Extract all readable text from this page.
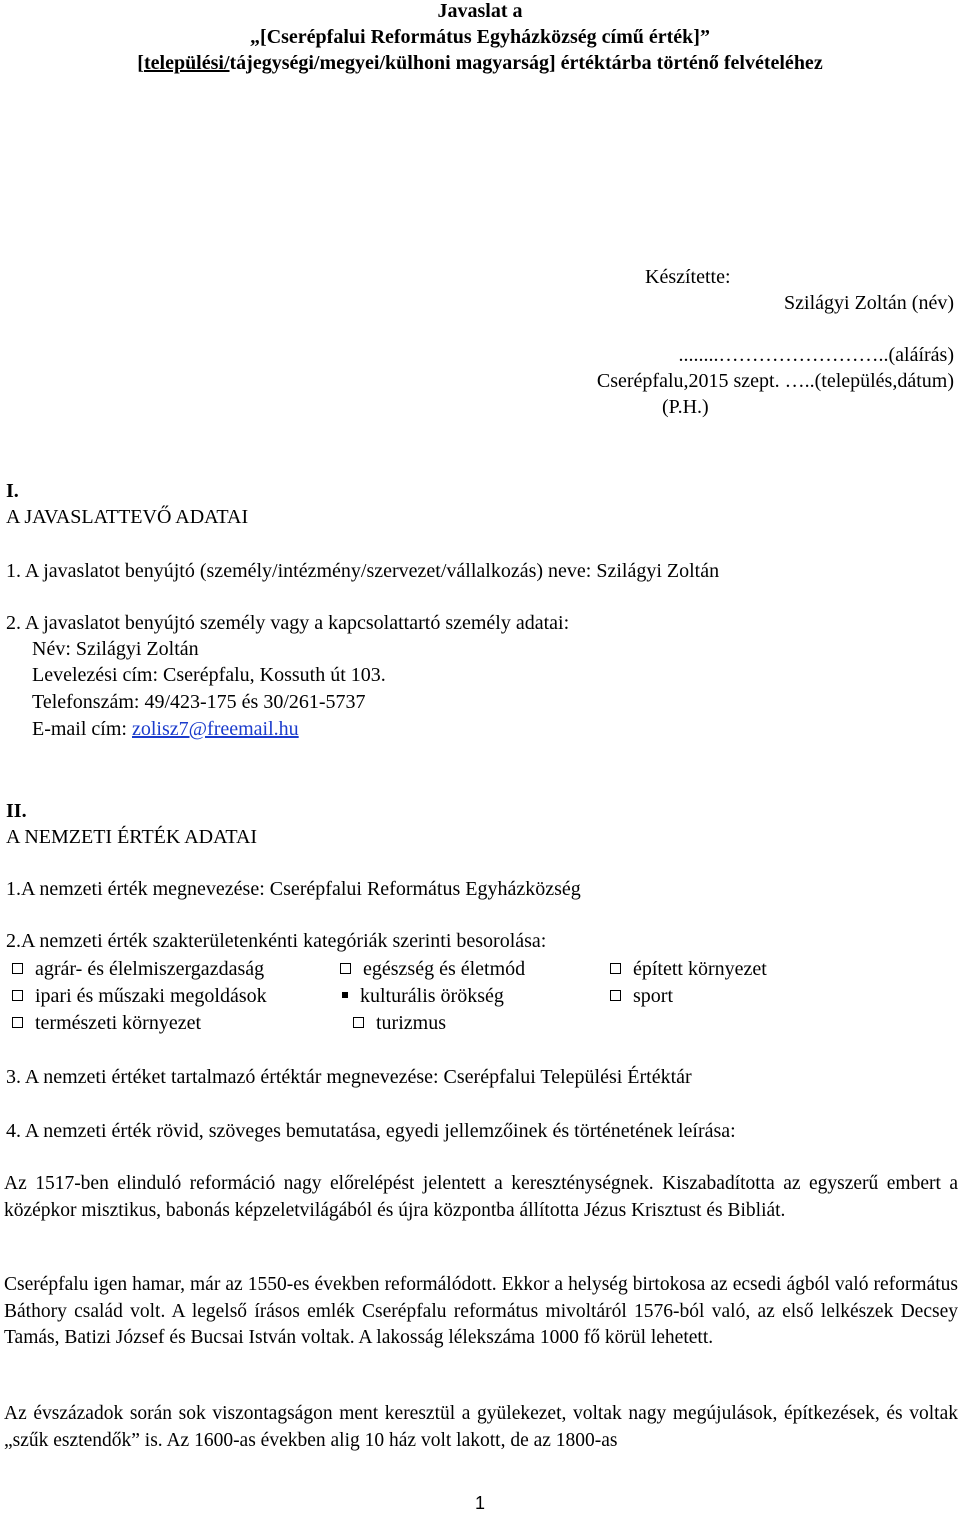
Javaslat a
„[Cserépfalui Református Egyházközség című érték]”
[települési/tájegységi/megyei/külhoni magyarság] értéktárba történő felvételéhez
Készítette:
Szilágyi Zoltán (név)
........……………………..(aláírás)
Cserépfalu,2015 szept. …..(település,dátum)
(P.H.)
I.
A JAVASLATTEVŐ ADATAI
1. A javaslatot benyújtó (személy/intézmény/szervezet/vállalkozás) neve: Szilágyi Zoltán
2. A javaslatot benyújtó személy vagy a kapcsolattartó személy adatai:
Név: Szilágyi Zoltán
Levelezési cím: Cserépfalu, Kossuth út 103.
Telefonszám: 49/423-175 és 30/261-5737
E-mail cím: zolisz7@freemail.hu
II.
A NEMZETI ÉRTÉK ADATAI
1.A nemzeti érték megnevezése: Cserépfalui Református Egyházközség
2.A nemzeti érték szakterületenkénti kategóriák szerinti besorolása:
agrár- és élelmiszergazdaság	egészség és életmód	épített környezet
ipari és műszaki megoldások	kulturális örökség	sport
természeti környezet	turizmus
3. A nemzeti értéket tartalmazó értéktár megnevezése: Cserépfalui Települési Értéktár
4. A nemzeti érték rövid, szöveges bemutatása, egyedi jellemzőinek és történetének leírása:
Az 1517-ben elinduló reformáció nagy előrelépést jelentett a kereszténységnek. Kiszabadította az egyszerű embert a középkor misztikus, babonás képzeletvilágából és újra központba állította Jézus Krisztust és Bibliát.
Cserépfalu igen hamar, már az 1550-es években reformálódott. Ekkor a helység birtokosa az ecsedi ágból való református Báthory család volt. A legelső írásos emlék Cserépfalu református mivoltáról 1576-ból való, az első lelkészek Decsey Tamás, Batizi József és Bucsai István voltak. A lakosság lélekszáma 1000 fő körül lehetett.
Az évszázadok során sok viszontagságon ment keresztül a gyülekezet, voltak nagy megújulások, építkezések, és voltak „szűk esztendők” is. Az 1600-as években alig 10 ház volt lakott, de az 1800-as
1
